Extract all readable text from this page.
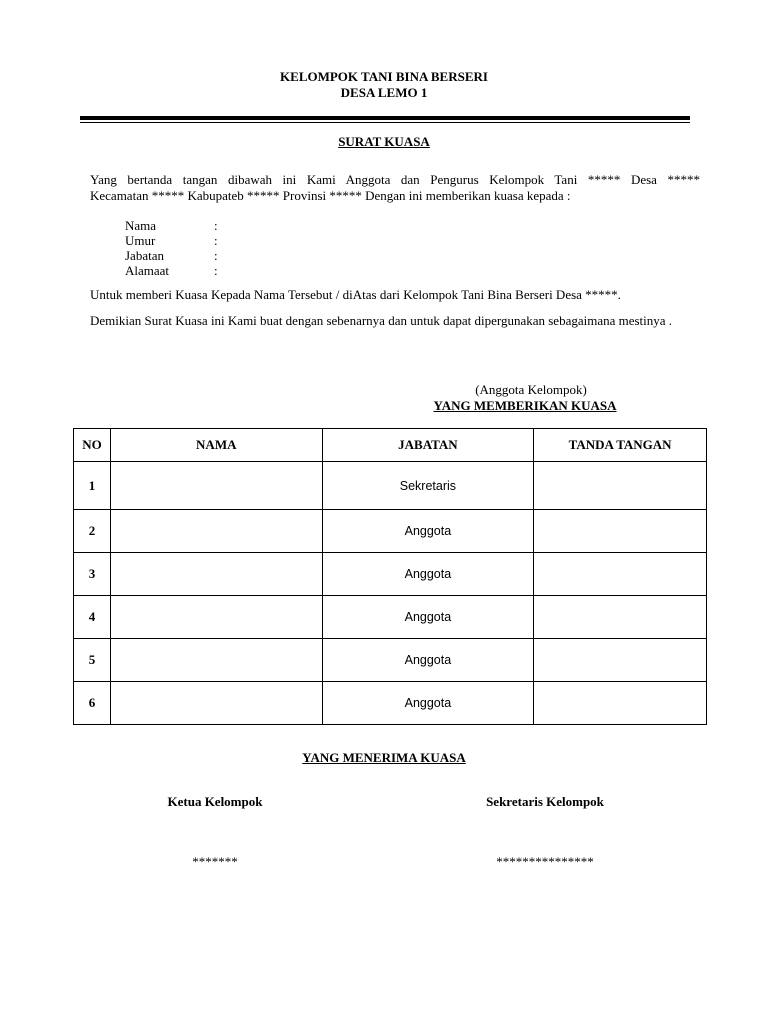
KELOMPOK TANI BINA BERSERI
DESA LEMO 1
SURAT KUASA
Yang bertanda tangan dibawah ini Kami Anggota dan Pengurus Kelompok Tani ***** Desa *****
Kecamatan ***** Kabupateb ***** Provinsi ***** Dengan ini memberikan kuasa kepada :
Nama	:
Umur	:
Jabatan	:
Alamaat	:
Untuk memberi Kuasa Kepada Nama Tersebut / diAtas dari Kelompok Tani Bina Berseri Desa *****.
Demikian Surat Kuasa ini Kami buat dengan sebenarnya dan untuk dapat dipergunakan sebagaimana mestinya .
(Anggota Kelompok)
YANG MEMBERIKAN KUASA
NO	NAMA	JABATAN	TANDA TANGAN
1		Sekretaris	
2		Anggota	
3		Anggota	
4		Anggota	
5		Anggota	
6		Anggota	
YANG MENERIMA KUASA
Ketua Kelompok	Sekretaris Kelompok
*******	***************
